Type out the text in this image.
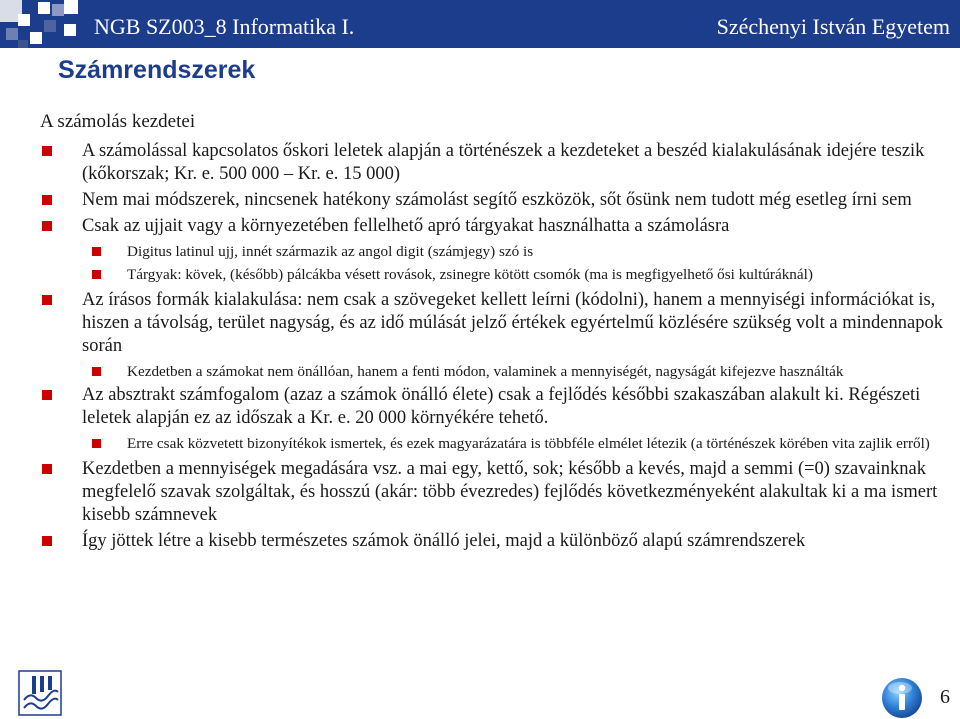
NGB SZ003_8 Informatika I.	Széchenyi István Egyetem
Számrendszerek
A számolás kezdetei
A számolással kapcsolatos őskori leletek alapján a történészek a kezdeteket a beszéd kialakulásának idejére teszik (kőkorszak; Kr. e. 500 000 – Kr. e. 15 000)
Nem mai módszerek, nincsenek hatékony számolást segítő eszközök, sőt ősünk nem tudott még esetleg írni sem
Csak az ujjait vagy a környezetében fellelhető apró tárgyakat használhatta a számolásra
Digitus latinul ujj, innét származik az angol digit (számjegy) szó is
Tárgyak: kövek, (később) pálcákba vésett rovások, zsinegre kötött csomók (ma is megfigyelhető ősi kultúráknál)
Az írásos formák kialakulása: nem csak a szövegeket kellett leírni (kódolni), hanem a mennyiségi információkat is, hiszen a távolság, terület nagyság, és az idő múlását jelző értékek egyértelmű közlésére szükség volt a mindennapok során
Kezdetben a számokat nem önállóan, hanem a fenti módon, valaminek a mennyiségét, nagyságát kifejezve használták
Az absztrakt számfogalom (azaz a számok önálló élete) csak a fejlődés későbbi szakaszában alakult ki. Régészeti leletek alapján ez az időszak a Kr. e. 20 000 környékére tehető.
Erre csak közvetett bizonyítékok ismertek, és ezek magyarázatára is többféle elmélet létezik (a történészek körében vita zajlik erről)
Kezdetben a mennyiségek megadására vsz. a mai egy, kettő, sok; később a kevés, majd a semmi (=0) szavainknak megfelelő szavak szolgáltak, és hosszú (akár: több évezredes) fejlődés következményeként alakultak ki a ma ismert kisebb számnevek
Így jöttek létre a kisebb természetes számok önálló jelei, majd a különböző alapú számrendszerek
6
